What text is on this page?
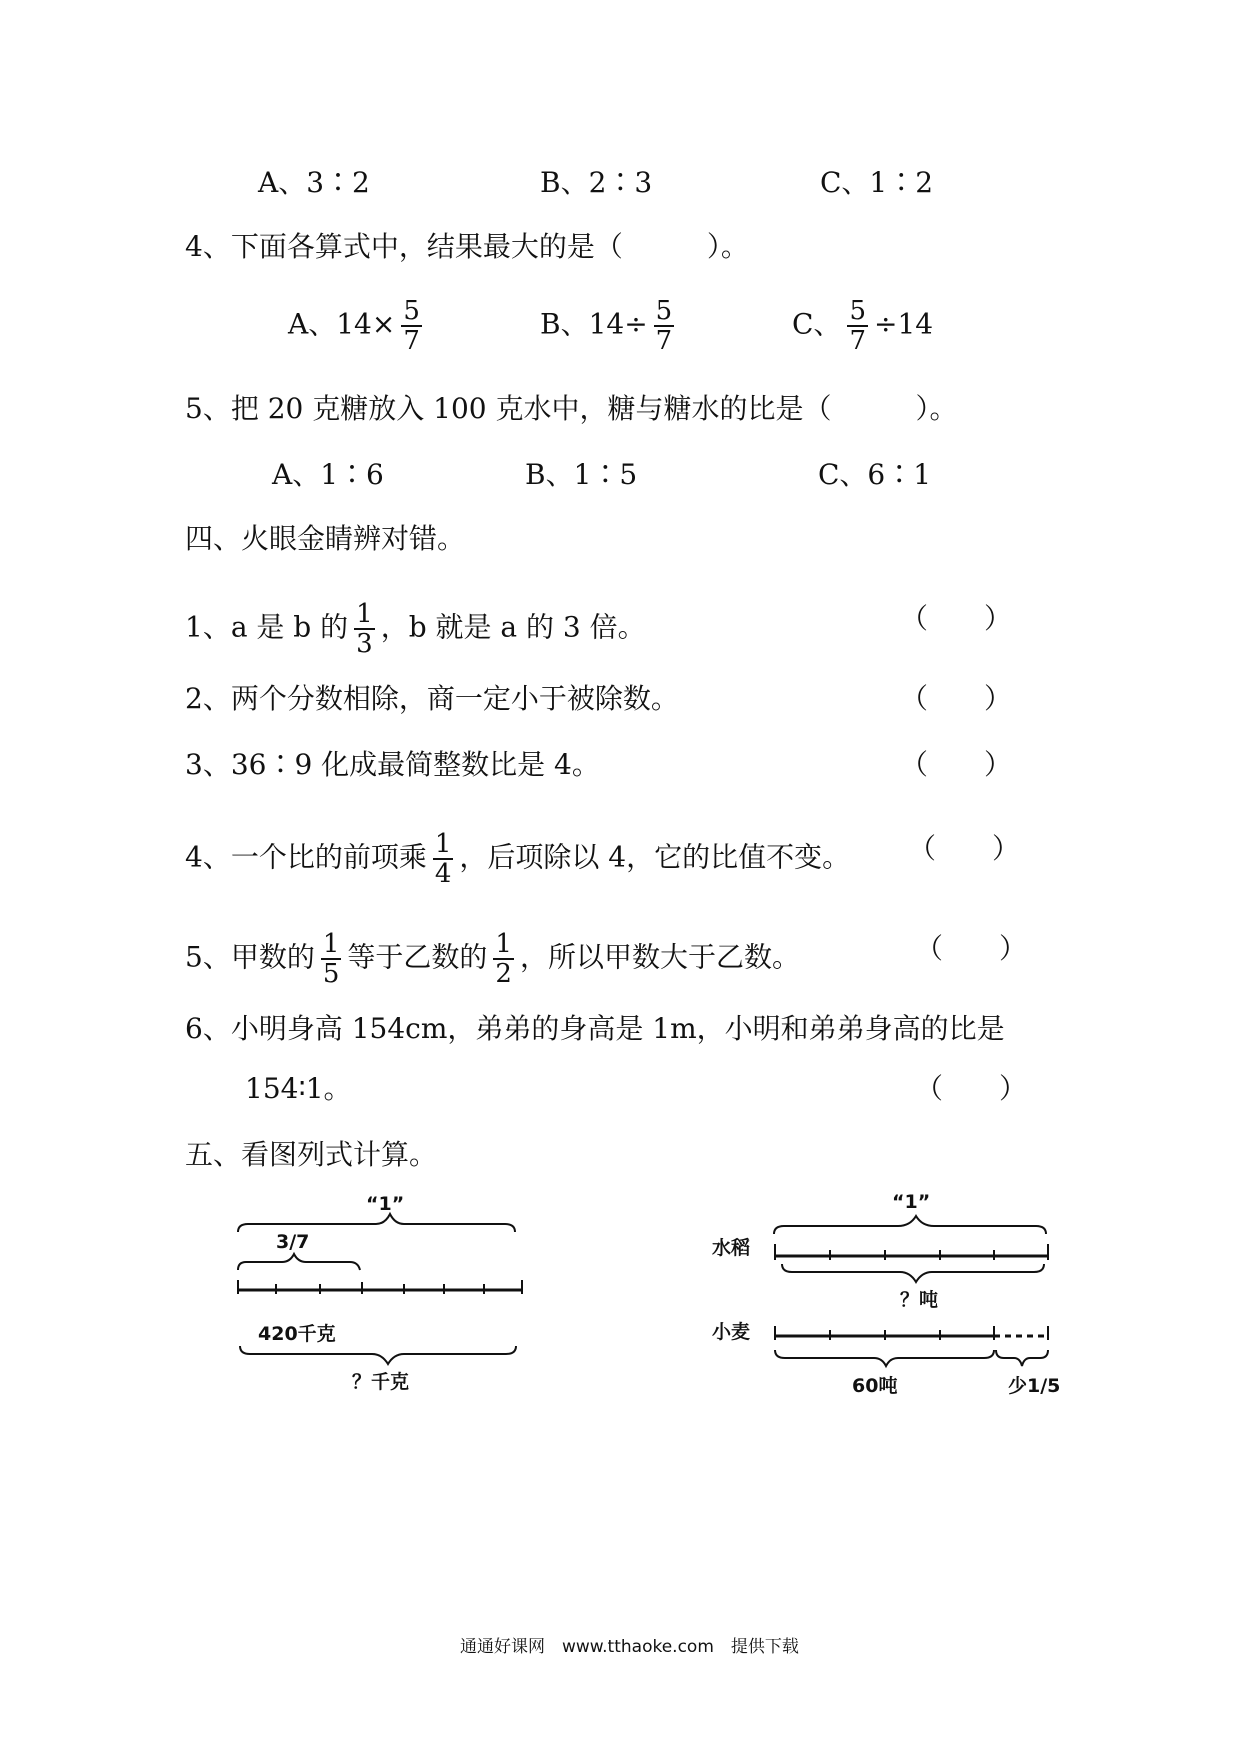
A、3∶2	B、2∶3	C、1∶2
4、下面各算式中，结果最大的是（　　　）。
A、$14\times \frac{5}{7}$	B、$14\div \frac{5}{7}$	C、 $\frac{5}{7} \div 14$
5、把 20 克糖放入 100 克水中，糖与糖水的比是（　　　）。
A、1∶6	B、1∶5	C、6∶1
四、火眼金睛辨对错。
1、a 是 b 的 $\frac{1}{3}$ ，b 就是 a 的 3 倍。	（　　）
2、两个分数相除，商一定小于被除数。	（　　）
3、36∶9 化成最简整数比是 4。	（　　）
4、一个比的前项乘 $\frac{1}{4}$ ，后项除以 4，它的比值不变。 （　　）
5、甲数的 $\frac{1}{5}$ 等于乙数的 $\frac{1}{2}$ ，所以甲数大于乙数。	（　　）
6、小明身高 154cm，弟弟的身高是 1m，小明和弟弟身高的比是
154∶1。	（　　）
五、看图列式计算。
“1”
3/7
420千克
？千克
“1”
水稻
？吨
小麦
60吨	少1/5
通通好课网　www.tthaoke.com　提供下载
